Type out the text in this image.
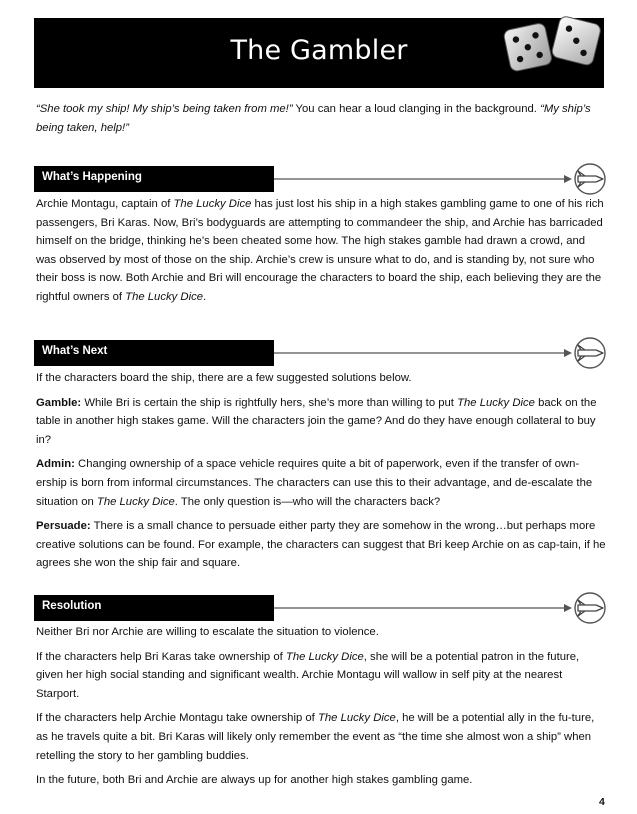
The Gambler

“She took my ship! My ship’s being taken from me!” You can hear a loud clanging in the background. “My ship’s being taken, help!”

What’s Happening

Archie Montagu, captain of The Lucky Dice has just lost his ship in a high stakes gambling game to one of his rich passengers, Bri Karas. Now, Bri’s bodyguards are attempting to commandeer the ship, and Archie has barricaded himself on the bridge, thinking he’s been cheated some how. The high stakes gamble had drawn a crowd, and was observed by most of those on the ship. Archie’s crew is unsure what to do, and is standing by, not sure who their boss is now. Both Archie and Bri will encourage the characters to board the ship, each believing they are the rightful owners of The Lucky Dice.

What’s Next

If the characters board the ship, there are a few suggested solutions below.

Gamble: While Bri is certain the ship is rightfully hers, she’s more than willing to put The Lucky Dice back on the table in another high stakes game. Will the characters join the game? And do they have enough collateral to buy in?

Admin: Changing ownership of a space vehicle requires quite a bit of paperwork, even if the transfer of own-ership is born from informal circumstances. The characters can use this to their advantage, and de-escalate the situation on The Lucky Dice. The only question is—who will the characters back?

Persuade: There is a small chance to persuade either party they are somehow in the wrong…but perhaps more creative solutions can be found. For example, the characters can suggest that Bri keep Archie on as cap-tain, if he agrees she won the ship fair and square.

Resolution

Neither Bri nor Archie are willing to escalate the situation to violence.

If the characters help Bri Karas take ownership of The Lucky Dice, she will be a potential patron in the future, given her high social standing and significant wealth. Archie Montagu will wallow in self pity at the nearest Starport.

If the characters help Archie Montagu take ownership of The Lucky Dice, he will be a potential ally in the fu-ture, as he travels quite a bit. Bri Karas will likely only remember the event as “the time she almost won a ship” when retelling the story to her gambling buddies.

In the future, both Bri and Archie are always up for another high stakes gambling game.

4
